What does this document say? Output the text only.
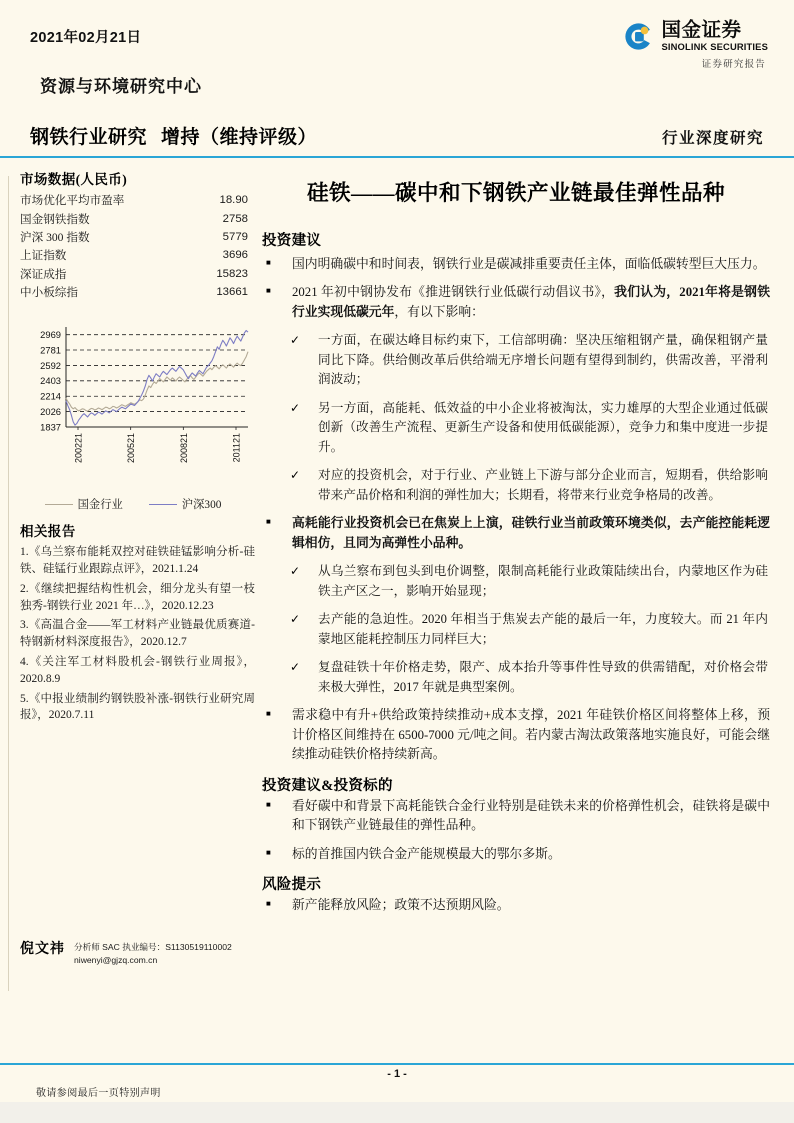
2021年02月21日
资源与环境研究中心
钢铁行业研究 增持（维持评级）	行业深度研究
国金证券
SINOLINK SECURITIES
证券研究报告
市场数据(人民币)
市场优化平均市盈率	18.90
国金钢铁指数	2758
沪深 300 指数	5779
上证指数	3696
深证成指	15823
中小板综指	13661
1837
2026
2214
2403
2592
2781
2969
200221	200521	200821	201121
国金行业	沪深300
相关报告
1.《乌兰察布能耗双控对硅铁硅锰影响分析-硅铁、硅锰行业跟踪点评》，2021.1.24
2.《继续把握结构性机会，细分龙头有望一枝独秀-钢铁行业 2021 年…》，2020.12.23
3.《高温合金——军工材料产业链最优质赛道-特钢新材料深度报告》，2020.12.7
4.《关注军工材料股机会-钢铁行业周报》，2020.8.9
5.《中报业绩制约钢铁股补涨-钢铁行业研究周报》，2020.7.11
倪文祎 分析师 SAC 执业编号：S1130519110002
niwenyi@gjzq.com.cn
硅铁——碳中和下钢铁产业链最佳弹性品种
投资建议
■	国内明确碳中和时间表，钢铁行业是碳减排重要责任主体，面临低碳转型巨大压力。
■	2021 年初中钢协发布《推进钢铁行业低碳行动倡议书》，我们认为，2021年将是钢铁行业实现低碳元年，有以下影响：
✓	一方面，在碳达峰目标约束下，工信部明确：坚决压缩粗钢产量，确保粗钢产量同比下降。供给侧改革后供给端无序增长问题有望得到制约，供需改善，平滑利润波动；
✓	另一方面，高能耗、低效益的中小企业将被淘汰，实力雄厚的大型企业通过低碳创新（改善生产流程、更新生产设备和使用低碳能源），竞争力和集中度进一步提升。
✓	对应的投资机会，对于行业、产业链上下游与部分企业而言，短期看，供给影响带来产品价格和利润的弹性加大；长期看，将带来行业竞争格局的改善。
■	高耗能行业投资机会已在焦炭上上演，硅铁行业当前政策环境类似，去产能控能耗逻辑相仿，且同为高弹性小品种。
✓	从乌兰察布到包头到电价调整，限制高耗能行业政策陆续出台，内蒙地区作为硅铁主产区之一，影响开始显现；
✓	去产能的急迫性。2020 年相当于焦炭去产能的最后一年，力度较大。而 21 年内蒙地区能耗控制压力同样巨大；
✓	复盘硅铁十年价格走势，限产、成本抬升等事件性导致的供需错配，对价格会带来极大弹性，2017 年就是典型案例。
■	需求稳中有升+供给政策持续推动+成本支撑，2021 年硅铁价格区间将整体上移，预计价格区间维持在 6500-7000 元/吨之间。若内蒙古淘汰政策落地实施良好，可能会继续推动硅铁价格持续新高。
投资建议&投资标的
■	看好碳中和背景下高耗能铁合金行业特别是硅铁未来的价格弹性机会，硅铁将是碳中和下钢铁产业链最佳的弹性品种。
■	标的首推国内铁合金产能规模最大的鄂尔多斯。
风险提示
■	新产能释放风险；政策不达预期风险。
- 1 -
敬请参阅最后一页特别声明
